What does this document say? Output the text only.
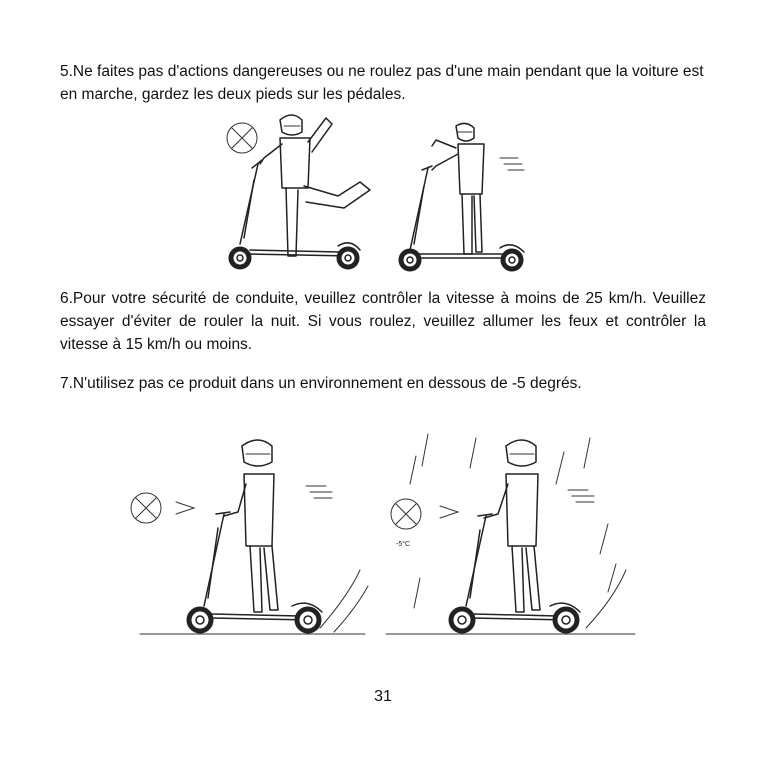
5.Ne faites pas d'actions dangereuses ou ne roulez pas d'une main pendant que la voiture est en marche, gardez les deux pieds sur les pédales.

6.Pour votre sécurité de conduite, veuillez contrôler la vitesse à moins de 25 km/h. Veuillez essayer d'éviter de rouler la nuit. Si vous roulez, veuillez allumer les feux et contrôler la vitesse à 15 km/h ou moins.

7.N'utilisez pas ce produit dans un environnement en dessous de -5 degrés.

-5°C
31
